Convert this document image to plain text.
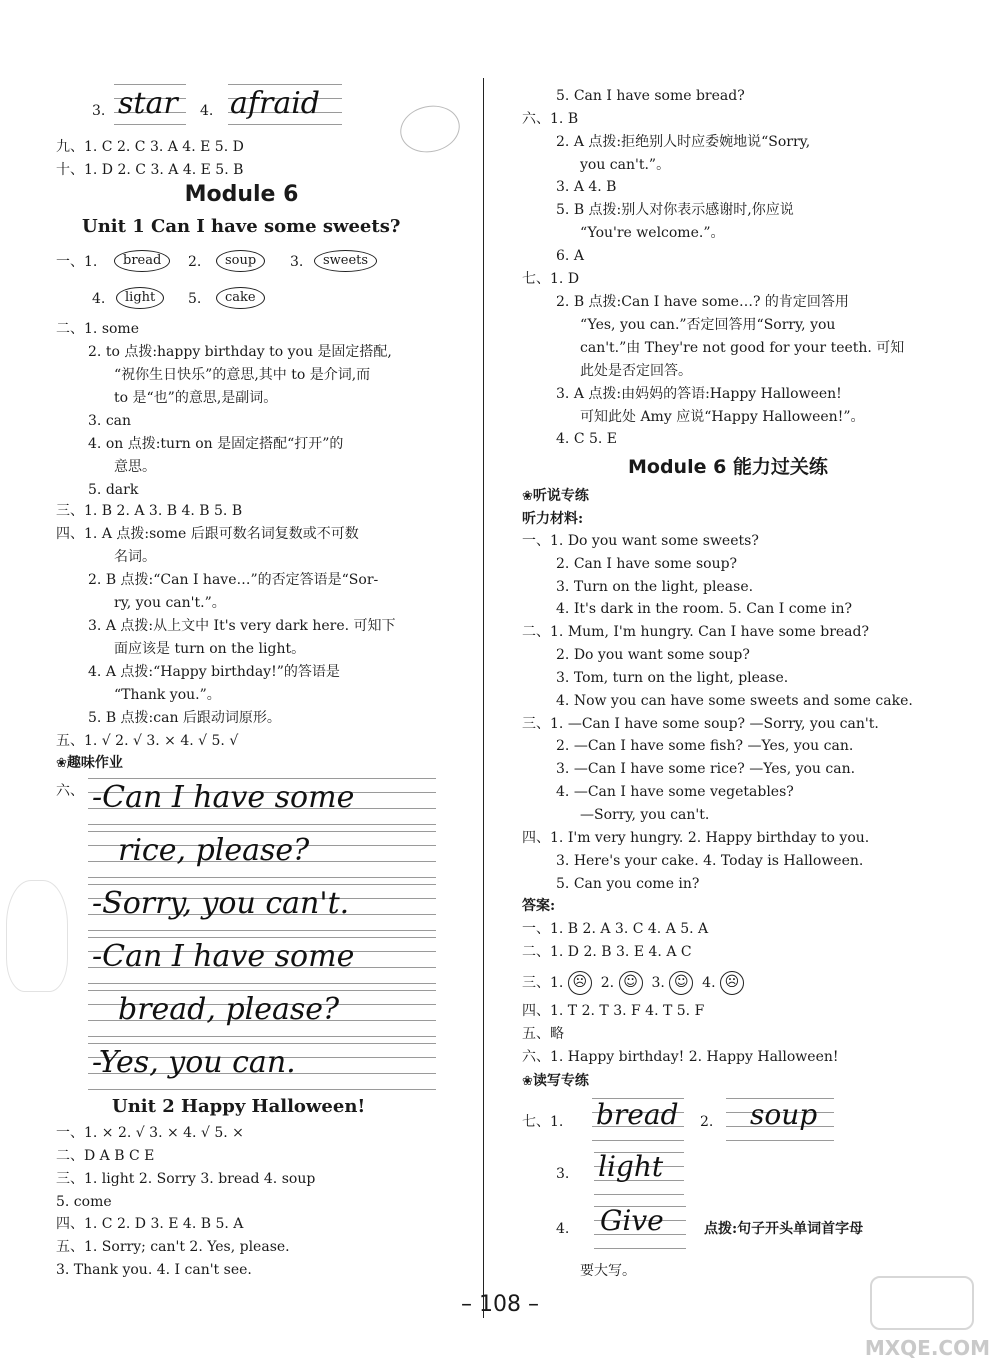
3. star 4. afraid
九、1. C 2. C 3. A 4. E 5. D
十、1. D 2. C 3. A 4. E 5. B
Module 6
Unit 1 Can I have some sweets?
一、1.	bread	2.	soup	3.	sweets
4.	light	5.	cake
二、1. some
2. to 点拨:happy birthday to you 是固定搭配,
“祝你生日快乐”的意思,其中 to 是介词,而
to 是“也”的意思,是副词。
3. can
4. on 点拨:turn on 是固定搭配“打开”的
意思。
5. dark
三、1. B 2. A 3. B 4. B 5. B
四、1. A 点拨:some 后跟可数名词复数或不可数
名词。
2. B 点拨:“Can I have…”的否定答语是“Sor-
ry, you can't.”。
3. A 点拨:从上文中 It's very dark here. 可知下
面应该是 turn on the light。
4. A 点拨:“Happy birthday!”的答语是
“Thank you.”。
5. B 点拨:can 后跟动词原形。
五、1. √ 2. √ 3. × 4. √ 5. √
❀趣味作业
六、 -Can I have some
rice, please?
-Sorry, you can't.
-Can I have some
bread, please?
-Yes, you can.
Unit 2 Happy Halloween!
一、1. × 2. √ 3. × 4. √ 5. ×
二、D A B C E
三、1. light 2. Sorry 3. bread 4. soup
5. come
四、1. C 2. D 3. E 4. B 5. A
五、1. Sorry; can't 2. Yes, please.
3. Thank you. 4. I can't see.
5. Can I have some bread?
六、1. B
2. A 点拨:拒绝别人时应委婉地说“Sorry,
you can't.”。
3. A 4. B
5. B 点拨:别人对你表示感谢时,你应说
“You're welcome.”。
6. A
七、1. D
2. B 点拨:Can I have some…? 的肯定回答用
“Yes, you can.”否定回答用“Sorry, you
can't.”由 They're not good for your teeth. 可知
此处是否定回答。
3. A 点拨:由妈妈的答语:Happy Halloween!
可知此处 Amy 应说“Happy Halloween!”。
4. C 5. E
Module 6 能力过关练
❀听说专练
听力材料:
一、1. Do you want some sweets?
2. Can I have some soup?
3. Turn on the light, please.
4. It's dark in the room. 5. Can I come in?
二、1. Mum, I'm hungry. Can I have some bread?
2. Do you want some soup?
3. Tom, turn on the light, please.
4. Now you can have some sweets and some cake.
三、1. —Can I have some soup? —Sorry, you can't.
2. —Can I have some fish? —Yes, you can.
3. —Can I have some rice? —Yes, you can.
4. —Can I have some vegetables?
—Sorry, you can't.
四、1. I'm very hungry. 2. Happy birthday to you.
3. Here's your cake. 4. Today is Halloween.
5. Can you come in?
答案:
一、1. B 2. A 3. C 4. A 5. A
二、1. D 2. B 3. E 4. A C
三、1. ☹ 2. ☺ 3. ☺ 4. ☹
四、1. T 2. T 3. F 4. T 5. F
五、略
六、1. Happy birthday! 2. Happy Halloween!
❀读写专练
七、1. bread 2. soup
3. light
4. Give	点拨:句子开头单词首字母
要大写。
– 108 –
MXQE.COM
